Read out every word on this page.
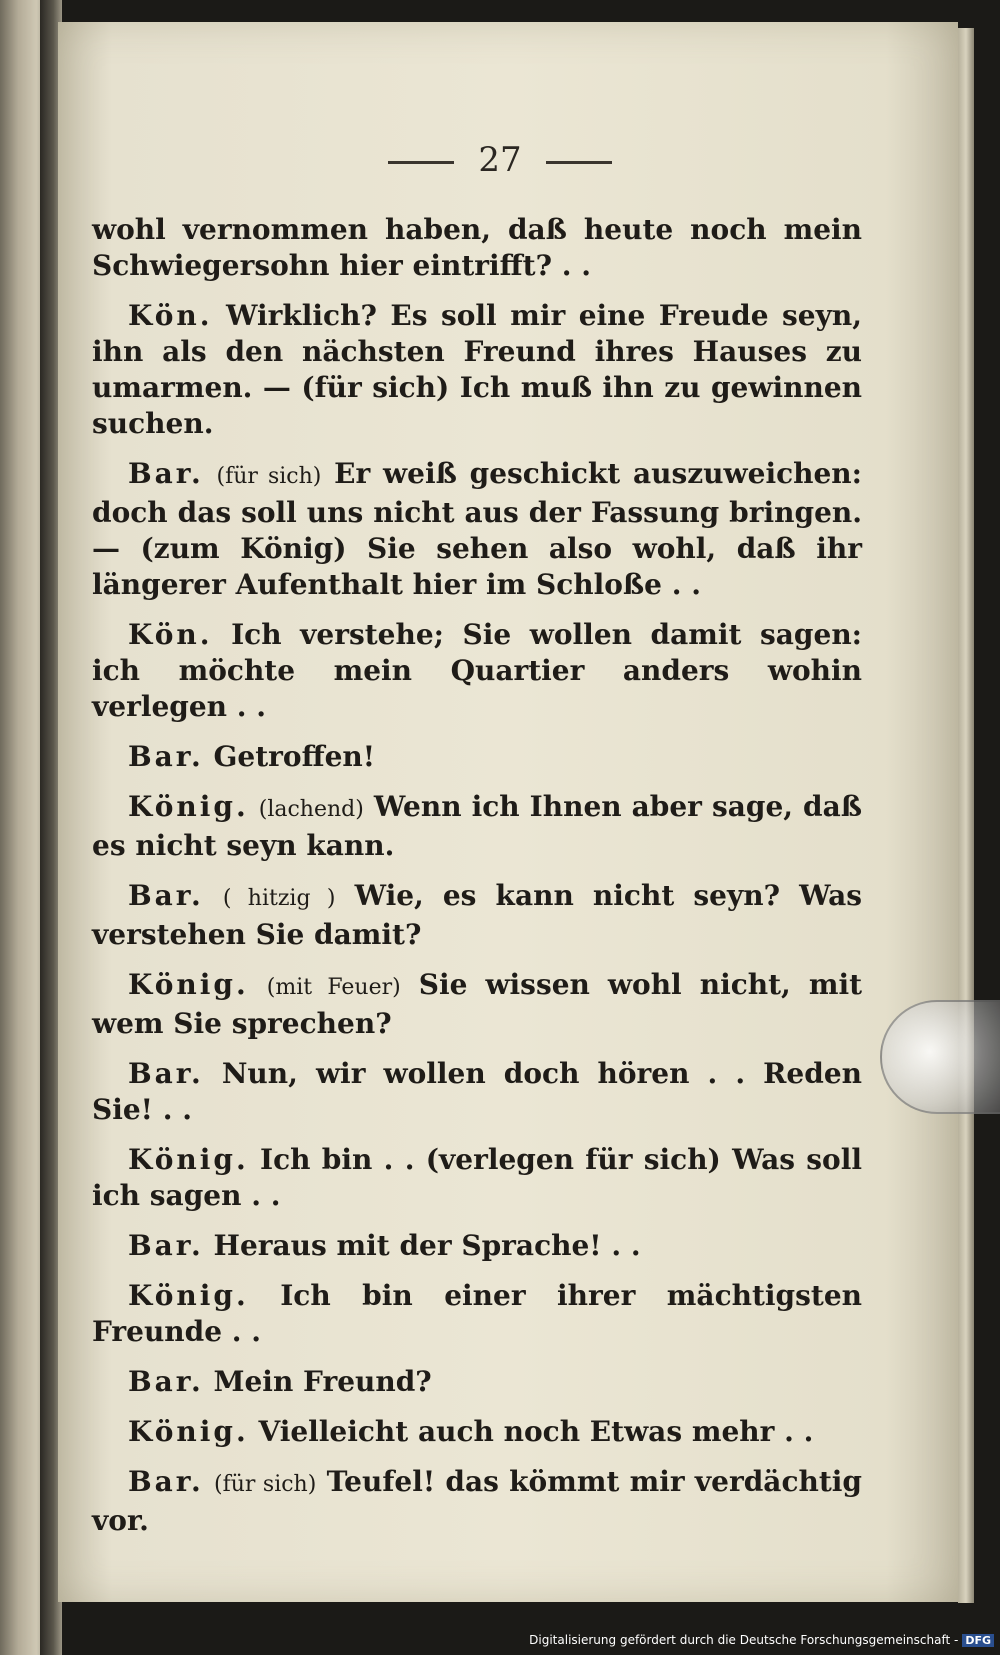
27
wohl vernommen haben, daß heute noch mein Schwiegersohn hier eintrifft? . .
Kön. Wirklich? Es soll mir eine Freude seyn, ihn als den nächsten Freund ihres Hauses zu umarmen. — (für sich) Ich muß ihn zu gewinnen suchen.
Bar. (für sich) Er weiß geschickt auszuweichen: doch das soll uns nicht aus der Fassung bringen. — (zum König) Sie sehen also wohl, daß ihr längerer Aufenthalt hier im Schloße . .
Kön. Ich verstehe; Sie wollen damit sagen: ich möchte mein Quartier anders wohin verlegen . .
Bar. Getroffen!
König. (lachend) Wenn ich Ihnen aber sage, daß es nicht seyn kann.
Bar. ( hitzig ) Wie, es kann nicht seyn? Was verstehen Sie damit?
König. (mit Feuer) Sie wissen wohl nicht, mit wem Sie sprechen?
Bar. Nun, wir wollen doch hören . . Reden Sie! . .
König. Ich bin . . (verlegen für sich) Was soll ich sagen . .
Bar. Heraus mit der Sprache! . .
König. Ich bin einer ihrer mächtigsten Freunde . .
Bar. Mein Freund?
König. Vielleicht auch noch Etwas mehr . .
Bar. (für sich) Teufel! das kömmt mir verdächtig vor.
Digitalisierung gefördert durch die Deutsche Forschungsgemeinschaft - DFG
